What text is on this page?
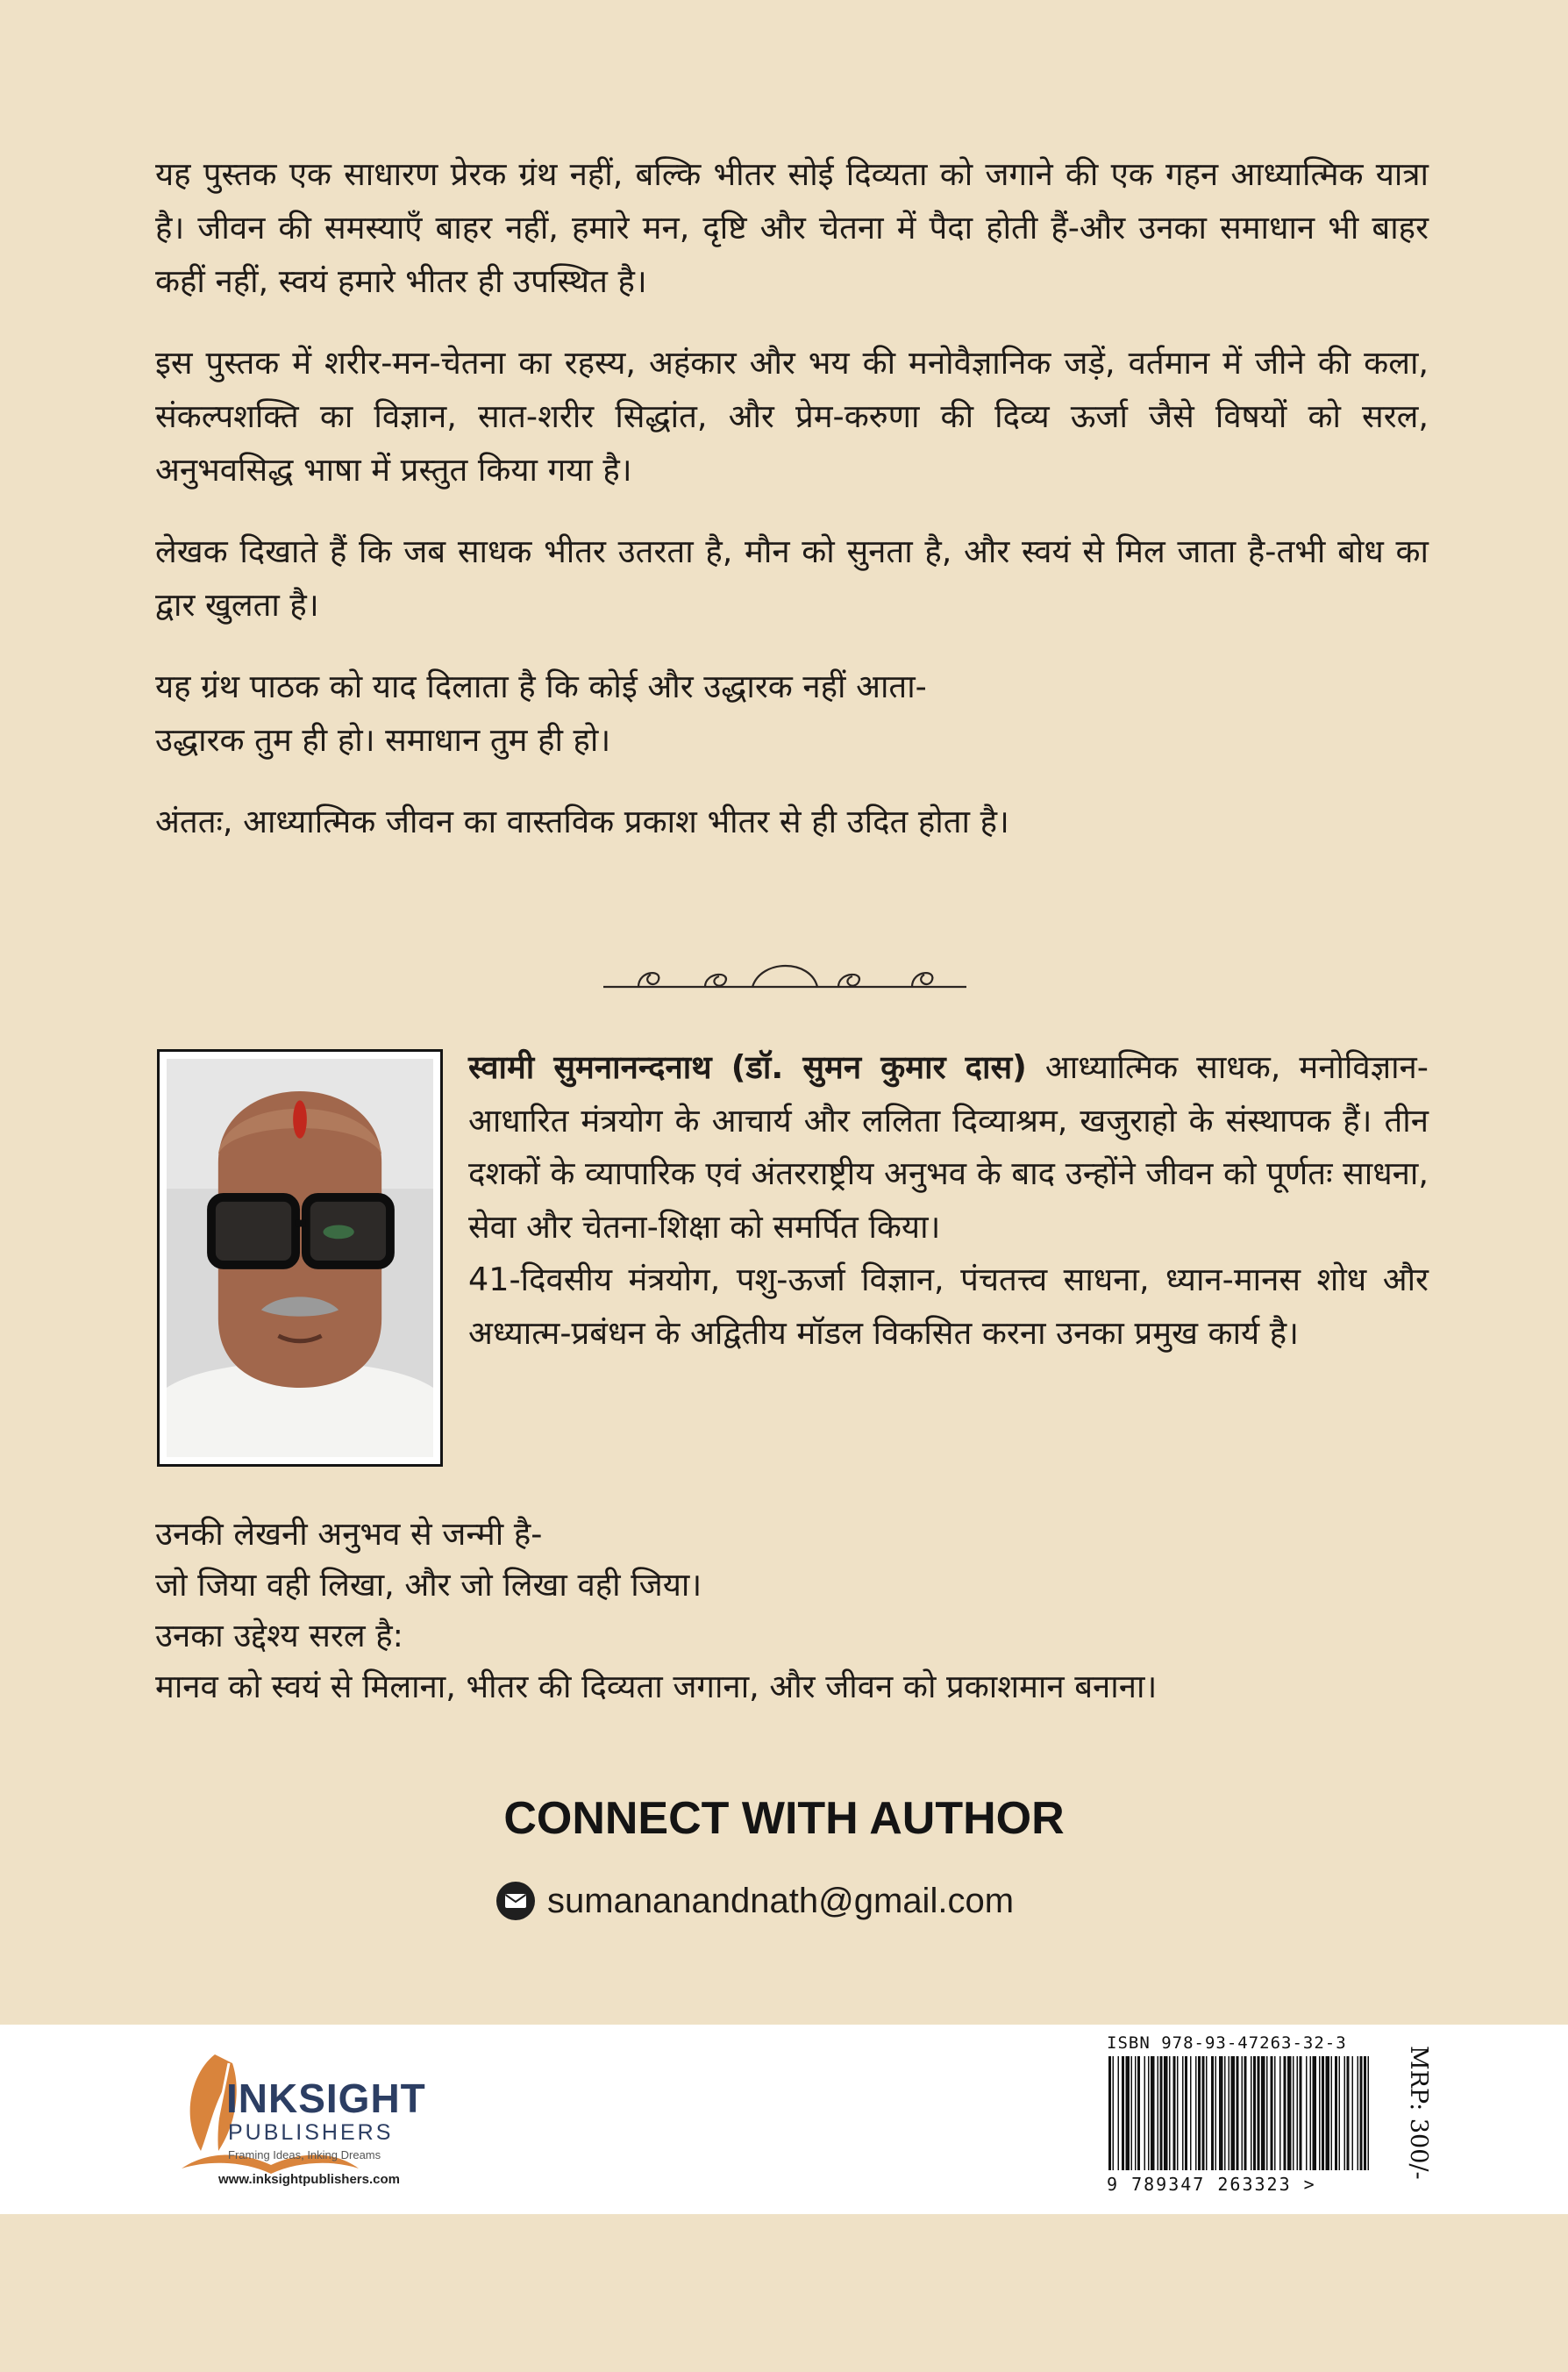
यह पुस्तक एक साधारण प्रेरक ग्रंथ नहीं, बल्कि भीतर सोई दिव्यता को जगाने की एक गहन आध्यात्मिक यात्रा है। जीवन की समस्याएँ बाहर नहीं, हमारे मन, दृष्टि और चेतना में पैदा होती हैं-और उनका समाधान भी बाहर कहीं नहीं, स्वयं हमारे भीतर ही उपस्थित है।

इस पुस्तक में शरीर-मन-चेतना का रहस्य, अहंकार और भय की मनोवैज्ञानिक जड़ें, वर्तमान में जीने की कला, संकल्पशक्ति का विज्ञान, सात-शरीर सिद्धांत, और प्रेम-करुणा की दिव्य ऊर्जा जैसे विषयों को सरल, अनुभवसिद्ध भाषा में प्रस्तुत किया गया है।

लेखक दिखाते हैं कि जब साधक भीतर उतरता है, मौन को सुनता है, और स्वयं से मिल जाता है-तभी बोध का द्वार खुलता है।

यह ग्रंथ पाठक को याद दिलाता है कि कोई और उद्धारक नहीं आता-
उद्धारक तुम ही हो। समाधान तुम ही हो।

अंततः, आध्यात्मिक जीवन का वास्तविक प्रकाश भीतर से ही उदित होता है।

स्वामी सुमनानन्दनाथ (डॉ. सुमन कुमार दास) आध्यात्मिक साधक, मनोविज्ञान-आधारित मंत्रयोग के आचार्य और ललिता दिव्याश्रम, खजुराहो के संस्थापक हैं। तीन दशकों के व्यापारिक एवं अंतरराष्ट्रीय अनुभव के बाद उन्होंने जीवन को पूर्णतः साधना, सेवा और चेतना-शिक्षा को समर्पित किया।
41-दिवसीय मंत्रयोग, पशु-ऊर्जा विज्ञान, पंचतत्त्व साधना, ध्यान-मानस शोध और अध्यात्म-प्रबंधन के अद्वितीय मॉडल विकसित करना उनका प्रमुख कार्य है।

उनकी लेखनी अनुभव से जन्मी है-
जो जिया वही लिखा, और जो लिखा वही जिया।
उनका उद्देश्य सरल है:
मानव को स्वयं से मिलाना, भीतर की दिव्यता जगाना, और जीवन को प्रकाशमान बनाना।

CONNECT WITH AUTHOR
sumananandnath@gmail.com
INKSIGHT
PUBLISHERS
Framing Ideas, Inking Dreams
www.inksightpublishers.com
ISBN 978-93-47263-32-3
9 789347 263323 >
MRP: 300/-
